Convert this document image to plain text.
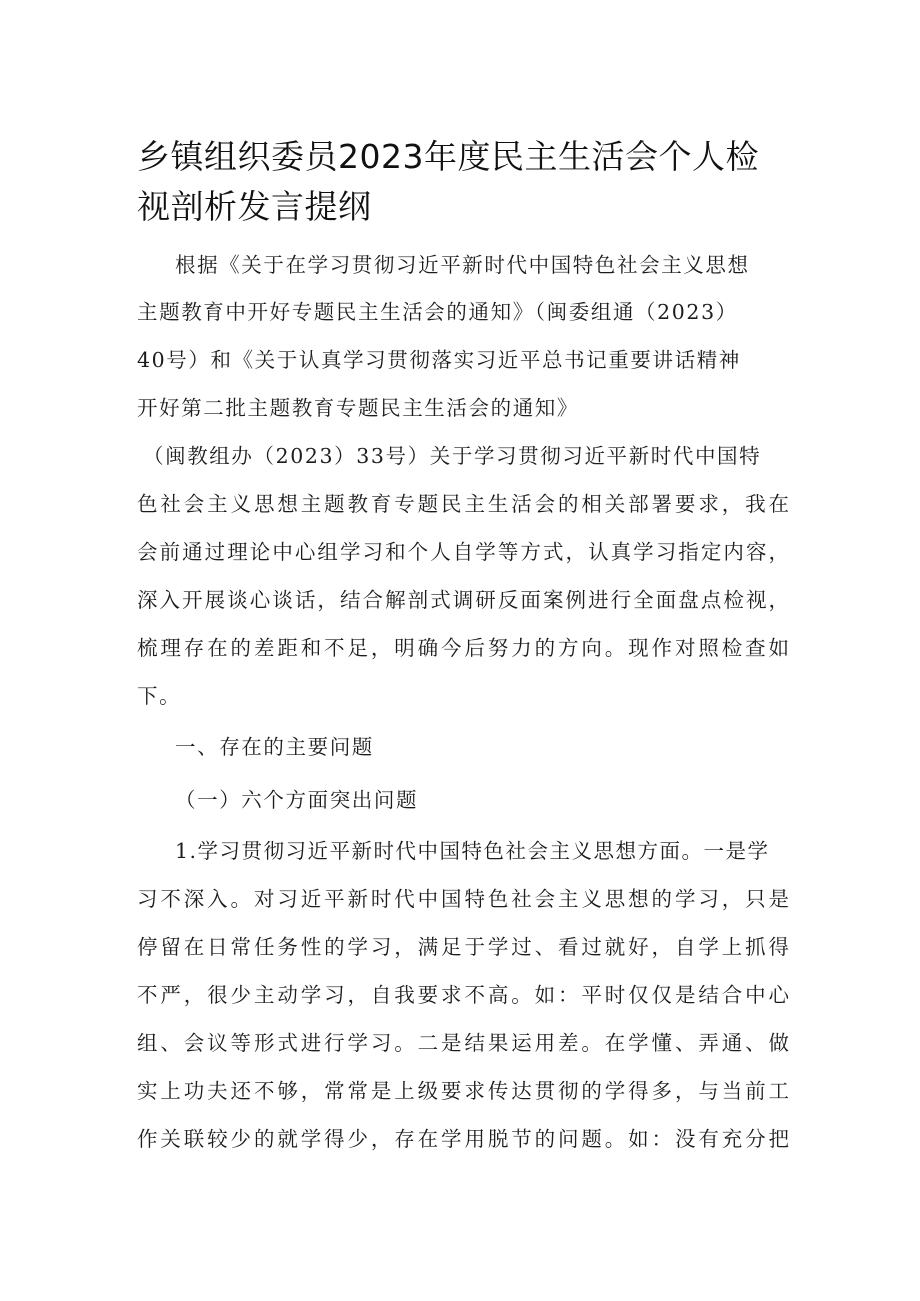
乡镇组织委员2023年度民主生活会个人检
视剖析发言提纲
根据《关于在学习贯彻习近平新时代中国特色社会主义思想
主题教育中开好专题民主生活会的通知》（闽委组通（2023）
40号）和《关于认真学习贯彻落实习近平总书记重要讲话精神
开好第二批主题教育专题民主生活会的通知》
（闽教组办（2023）33号）关于学习贯彻习近平新时代中国特
色社会主义思想主题教育专题民主生活会的相关部署要求，我在
会前通过理论中心组学习和个人自学等方式，认真学习指定内容，
深入开展谈心谈话，结合解剖式调研反面案例进行全面盘点检视，
梳理存在的差距和不足，明确今后努力的方向。现作对照检查如
下。
一、存在的主要问题
（一）六个方面突出问题
1.学习贯彻习近平新时代中国特色社会主义思想方面。一是学
习不深入。对习近平新时代中国特色社会主义思想的学习，只是
停留在日常任务性的学习，满足于学过、看过就好，自学上抓得
不严，很少主动学习，自我要求不高。如：平时仅仅是结合中心
组、会议等形式进行学习。二是结果运用差。在学懂、弄通、做
实上功夫还不够，常常是上级要求传达贯彻的学得多，与当前工
作关联较少的就学得少，存在学用脱节的问题。如：没有充分把
